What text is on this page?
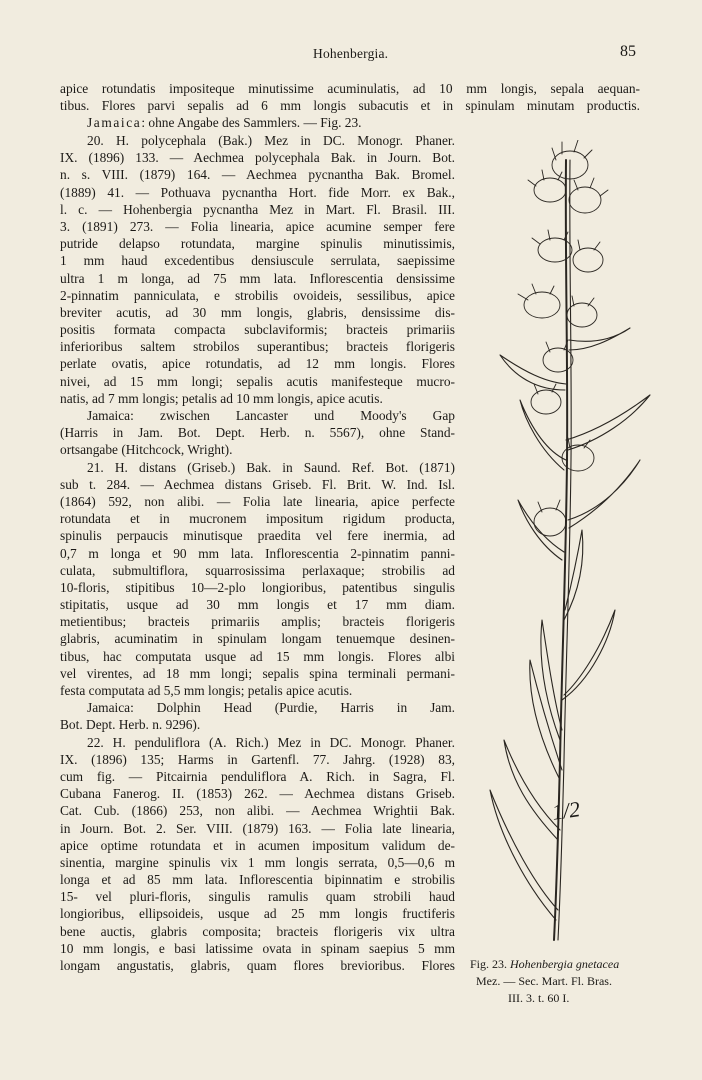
Hohenbergia.	85
apice rotundatis impositeque minutissime acuminulatis, ad 10 mm longis, sepala aequan-
tibus. Flores parvi sepalis ad 6 mm longis subacutis et in spinulam minutam productis.
Jamaica: ohne Angabe des Sammlers. — Fig. 23.
20. H. polycephala (Bak.) Mez in DC. Monogr. Phaner.
IX. (1896) 133. — Aechmea polycephala Bak. in Journ. Bot.
n. s. VIII. (1879) 164. — Aechmea pycnantha Bak. Bromel.
(1889) 41. — Pothuava pycnantha Hort. fide Morr. ex Bak.,
l. c. — Hohenbergia pycnantha Mez in Mart. Fl. Brasil. III.
3. (1891) 273. — Folia linearia, apice acumine semper fere
putride delapso rotundata, margine spinulis minutissimis,
1 mm haud excedentibus densiuscule serrulata, saepissime
ultra 1 m longa, ad 75 mm lata. Inflorescentia densissime
2-pinnatim panniculata, e strobilis ovoideis, sessilibus, apice
breviter acutis, ad 30 mm longis, glabris, densissime dis-
positis formata compacta subclaviformis; bracteis primariis
inferioribus saltem strobilos superantibus; bracteis florigeris
perlate ovatis, apice rotundatis, ad 12 mm longis. Flores
nivei, ad 15 mm longi; sepalis acutis manifesteque mucro-
natis, ad 7 mm longis; petalis ad 10 mm longis, apice acutis.
Jamaica: zwischen Lancaster und Moody's Gap
(Harris in Jam. Bot. Dept. Herb. n. 5567), ohne Stand-
ortsangabe (Hitchcock, Wright).
21. H. distans (Griseb.) Bak. in Saund. Ref. Bot. (1871)
sub t. 284. — Aechmea distans Griseb. Fl. Brit. W. Ind. Isl.
(1864) 592, non alibi. — Folia late linearia, apice perfecte
rotundata et in mucronem impositum rigidum producta,
spinulis perpaucis minutisque praedita vel fere inermia, ad
0,7 m longa et 90 mm lata. Inflorescentia 2-pinnatim panni-
culata, submultiflora, squarrosissima perlaxaque; strobilis ad
10-floris, stipitibus 10—2-plo longioribus, patentibus singulis
stipitatis, usque ad 30 mm longis et 17 mm diam.
metientibus; bracteis primariis amplis; bracteis florigeris
glabris, acuminatim in spinulam longam tenuemque desinen-
tibus, hac computata usque ad 15 mm longis. Flores albi
vel virentes, ad 18 mm longi; sepalis spina terminali permani-
festa computata ad 5,5 mm longis; petalis apice acutis.
Jamaica: Dolphin Head (Purdie, Harris in Jam.
Bot. Dept. Herb. n. 9296).
22. H. penduliflora (A. Rich.) Mez in DC. Monogr. Phaner.
IX. (1896) 135; Harms in Gartenfl. 77. Jahrg. (1928) 83,
cum fig. — Pitcairnia penduliflora A. Rich. in Sagra, Fl.
Cubana Fanerog. II. (1853) 262. — Aechmea distans Griseb.
Cat. Cub. (1866) 253, non alibi. — Aechmea Wrightii Bak.
in Journ. Bot. 2. Ser. VIII. (1879) 163. — Folia late linearia,
apice optime rotundata et in acumen impositum validum de-
sinentia, margine spinulis vix 1 mm longis serrata, 0,5—0,6 m
longa et ad 85 mm lata. Inflorescentia bipinnatim e strobilis
15- vel pluri-floris, singulis ramulis quam strobili haud
longioribus, ellipsoideis, usque ad 25 mm longis fructiferis
bene auctis, glabris composita; bracteis florigeris vix ultra
10 mm longis, e basi latissime ovata in spinam saepius 5 mm
longam angustatis, glabris, quam flores brevioribus. Flores
1/2
Fig. 23. Hohenbergia gnetacea
Mez. — Sec. Mart. Fl. Bras.
III. 3. t. 60 I.
